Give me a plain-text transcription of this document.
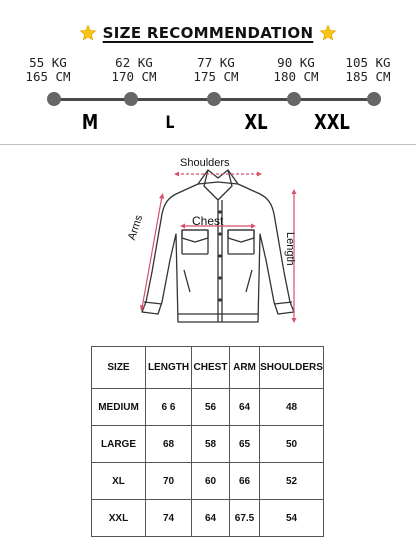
SIZE RECOMMENDATION
55 KG
165 CM
62 KG
170 CM
77 KG
175 CM
90 KG
180 CM
105 KG
185 CM
M	L	XL	XXL
Shoulders
Chest
Arms
Length
SIZE	LENGTH	CHEST	ARM	SHOULDERS
MEDIUM	6 6	56	64	48
LARGE	68	58	65	50
XL	70	60	66	52
XXL	74	64	67.5	54
